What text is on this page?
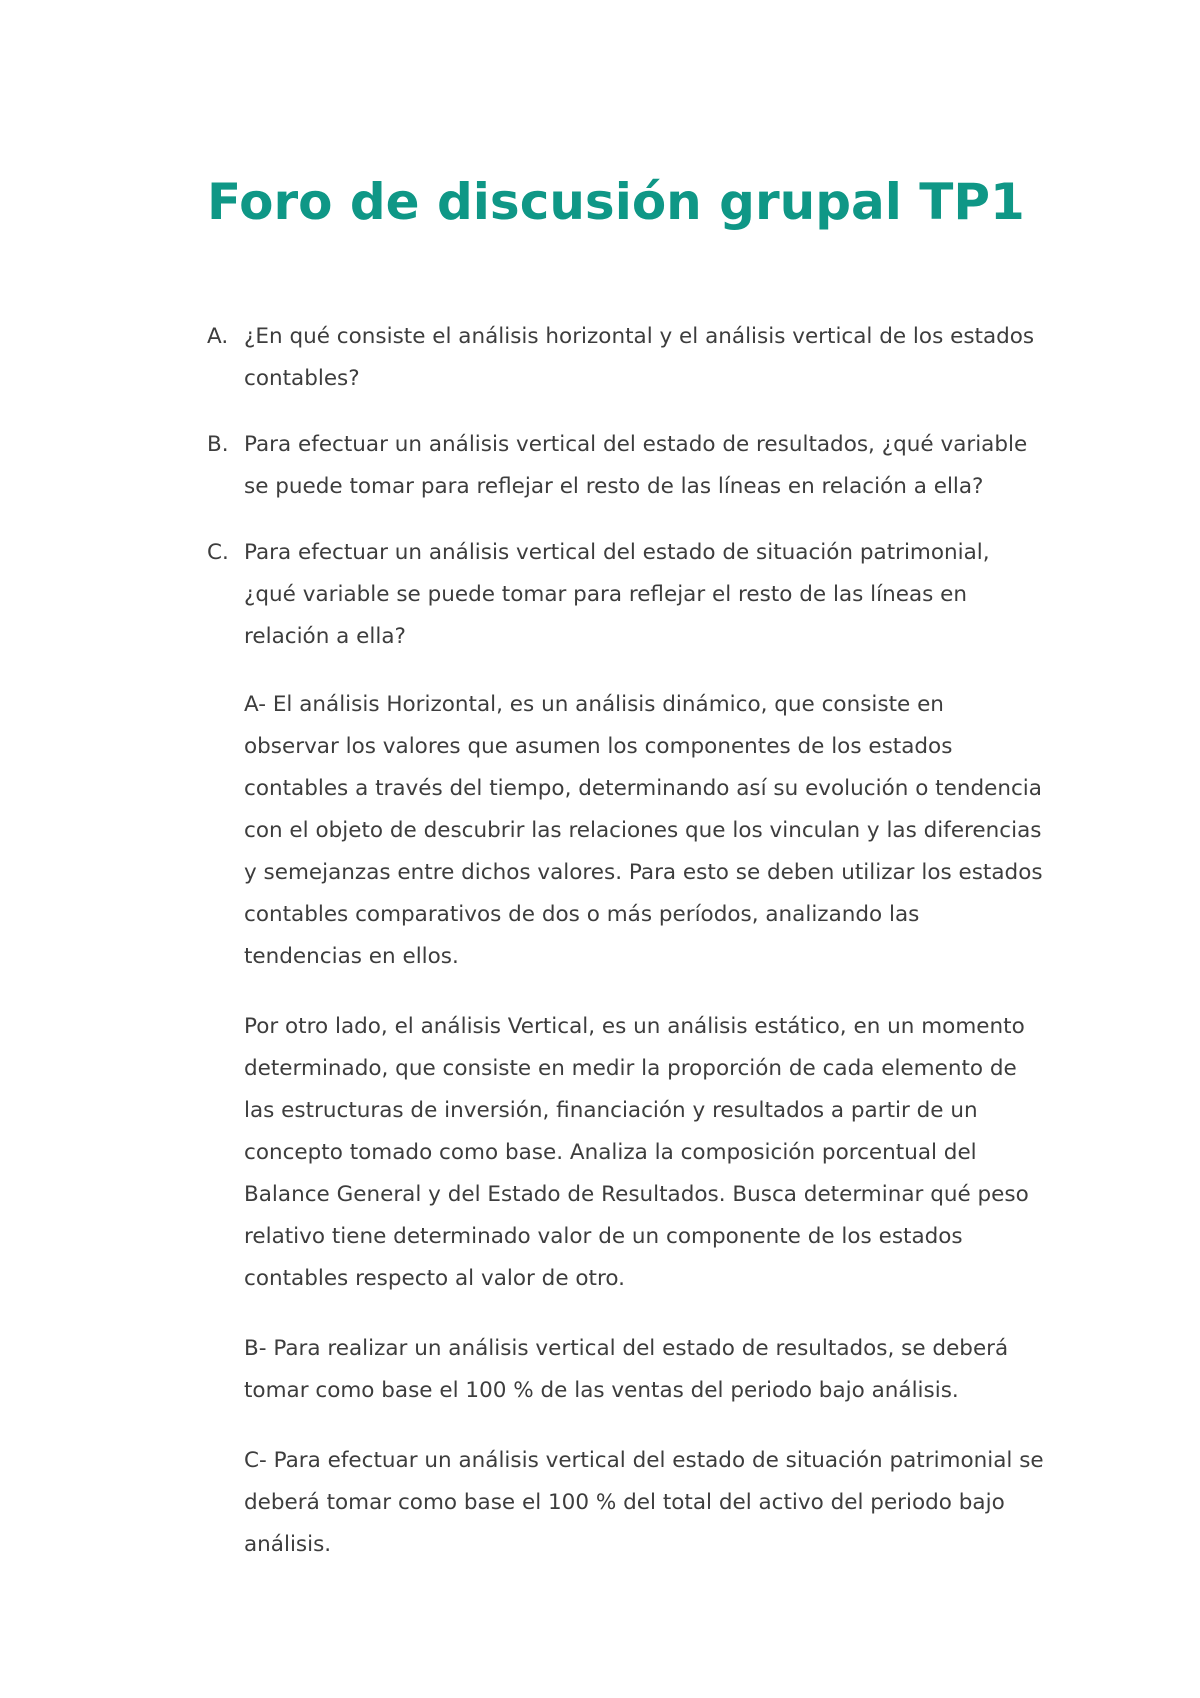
Foro de discusión grupal TP1
A. ¿En qué consiste el análisis horizontal y el análisis vertical de los estados contables?
B. Para efectuar un análisis vertical del estado de resultados, ¿qué variable se puede tomar para reflejar el resto de las líneas en relación a ella?
C. Para efectuar un análisis vertical del estado de situación patrimonial, ¿qué variable se puede tomar para reflejar el resto de las líneas en relación a ella?

A- El análisis Horizontal, es un análisis dinámico, que consiste en observar los valores que asumen los componentes de los estados contables a través del tiempo, determinando así su evolución o tendencia con el objeto de descubrir las relaciones que los vinculan y las diferencias y semejanzas entre dichos valores. Para esto se deben utilizar los estados contables comparativos de dos o más períodos, analizando las tendencias en ellos.

Por otro lado, el análisis Vertical, es un análisis estático, en un momento determinado, que consiste en medir la proporción de cada elemento de las estructuras de inversión, financiación y resultados a partir de un concepto tomado como base. Analiza la composición porcentual del Balance General y del Estado de Resultados. Busca determinar qué peso relativo tiene determinado valor de un componente de los estados contables respecto al valor de otro.

B- Para realizar un análisis vertical del estado de resultados, se deberá tomar como base el 100 % de las ventas del periodo bajo análisis.

C- Para efectuar un análisis vertical del estado de situación patrimonial se deberá tomar como base el 100 % del total del activo del periodo bajo análisis.
